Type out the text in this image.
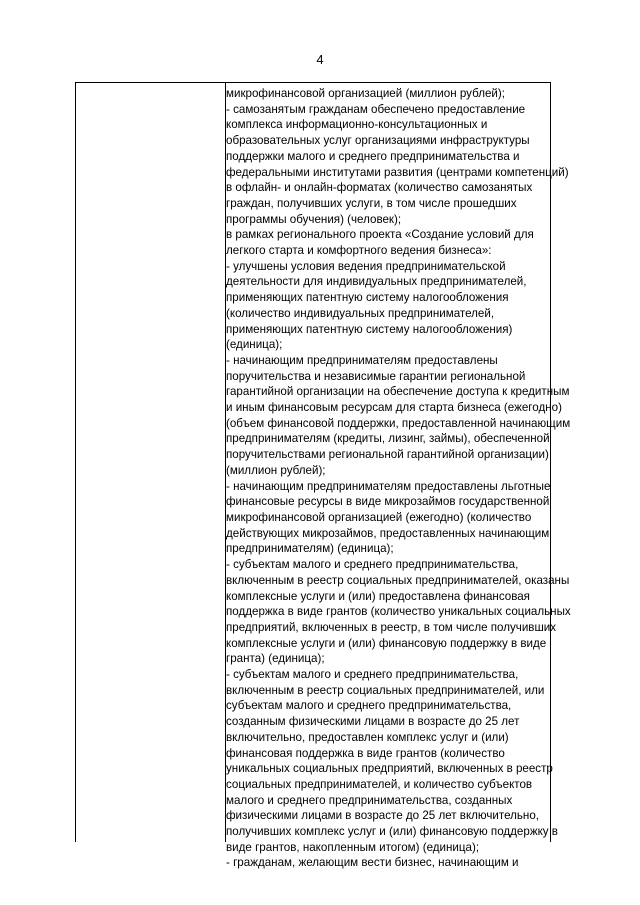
4
микрофинансовой организацией (миллион рублей);
- самозанятым гражданам обеспечено предоставление
комплекса информационно-консультационных и
образовательных услуг организациями инфраструктуры
поддержки малого и среднего предпринимательства и
федеральными институтами развития (центрами компетенций)
в офлайн- и онлайн-форматах (количество самозанятых
граждан, получивших услуги, в том числе прошедших
программы обучения) (человек);
в рамках регионального проекта «Создание условий для
легкого старта и комфортного ведения бизнеса»:
- улучшены условия ведения предпринимательской
деятельности для индивидуальных предпринимателей,
применяющих патентную систему налогообложения
(количество индивидуальных предпринимателей,
применяющих патентную систему налогообложения)
(единица);
- начинающим предпринимателям предоставлены
поручительства и независимые гарантии региональной
гарантийной организации на обеспечение доступа к кредитным
и иным финансовым ресурсам для старта бизнеса (ежегодно)
(объем финансовой поддержки, предоставленной начинающим
предпринимателям (кредиты, лизинг, займы), обеспеченной
поручительствами региональной гарантийной организации)
(миллион рублей);
- начинающим предпринимателям предоставлены льготные
финансовые ресурсы в виде микрозаймов государственной
микрофинансовой организацией (ежегодно) (количество
действующих микрозаймов, предоставленных начинающим
предпринимателям) (единица);
- субъектам малого и среднего предпринимательства,
включенным в реестр социальных предпринимателей, оказаны
комплексные услуги и (или) предоставлена финансовая
поддержка в виде грантов (количество уникальных социальных
предприятий, включенных в реестр, в том числе получивших
комплексные услуги и (или) финансовую поддержку в виде
гранта) (единица);
- субъектам малого и среднего предпринимательства,
включенным в реестр социальных предпринимателей, или
субъектам малого и среднего предпринимательства,
созданным физическими лицами в возрасте до 25 лет
включительно, предоставлен комплекс услуг и (или)
финансовая поддержка в виде грантов (количество
уникальных социальных предприятий, включенных в реестр
социальных предпринимателей, и количество субъектов
малого и среднего предпринимательства, созданных
физическими лицами в возрасте до 25 лет включительно,
получивших комплекс услуг и (или) финансовую поддержку в
виде грантов, накопленным итогом) (единица);
- гражданам, желающим вести бизнес, начинающим и
